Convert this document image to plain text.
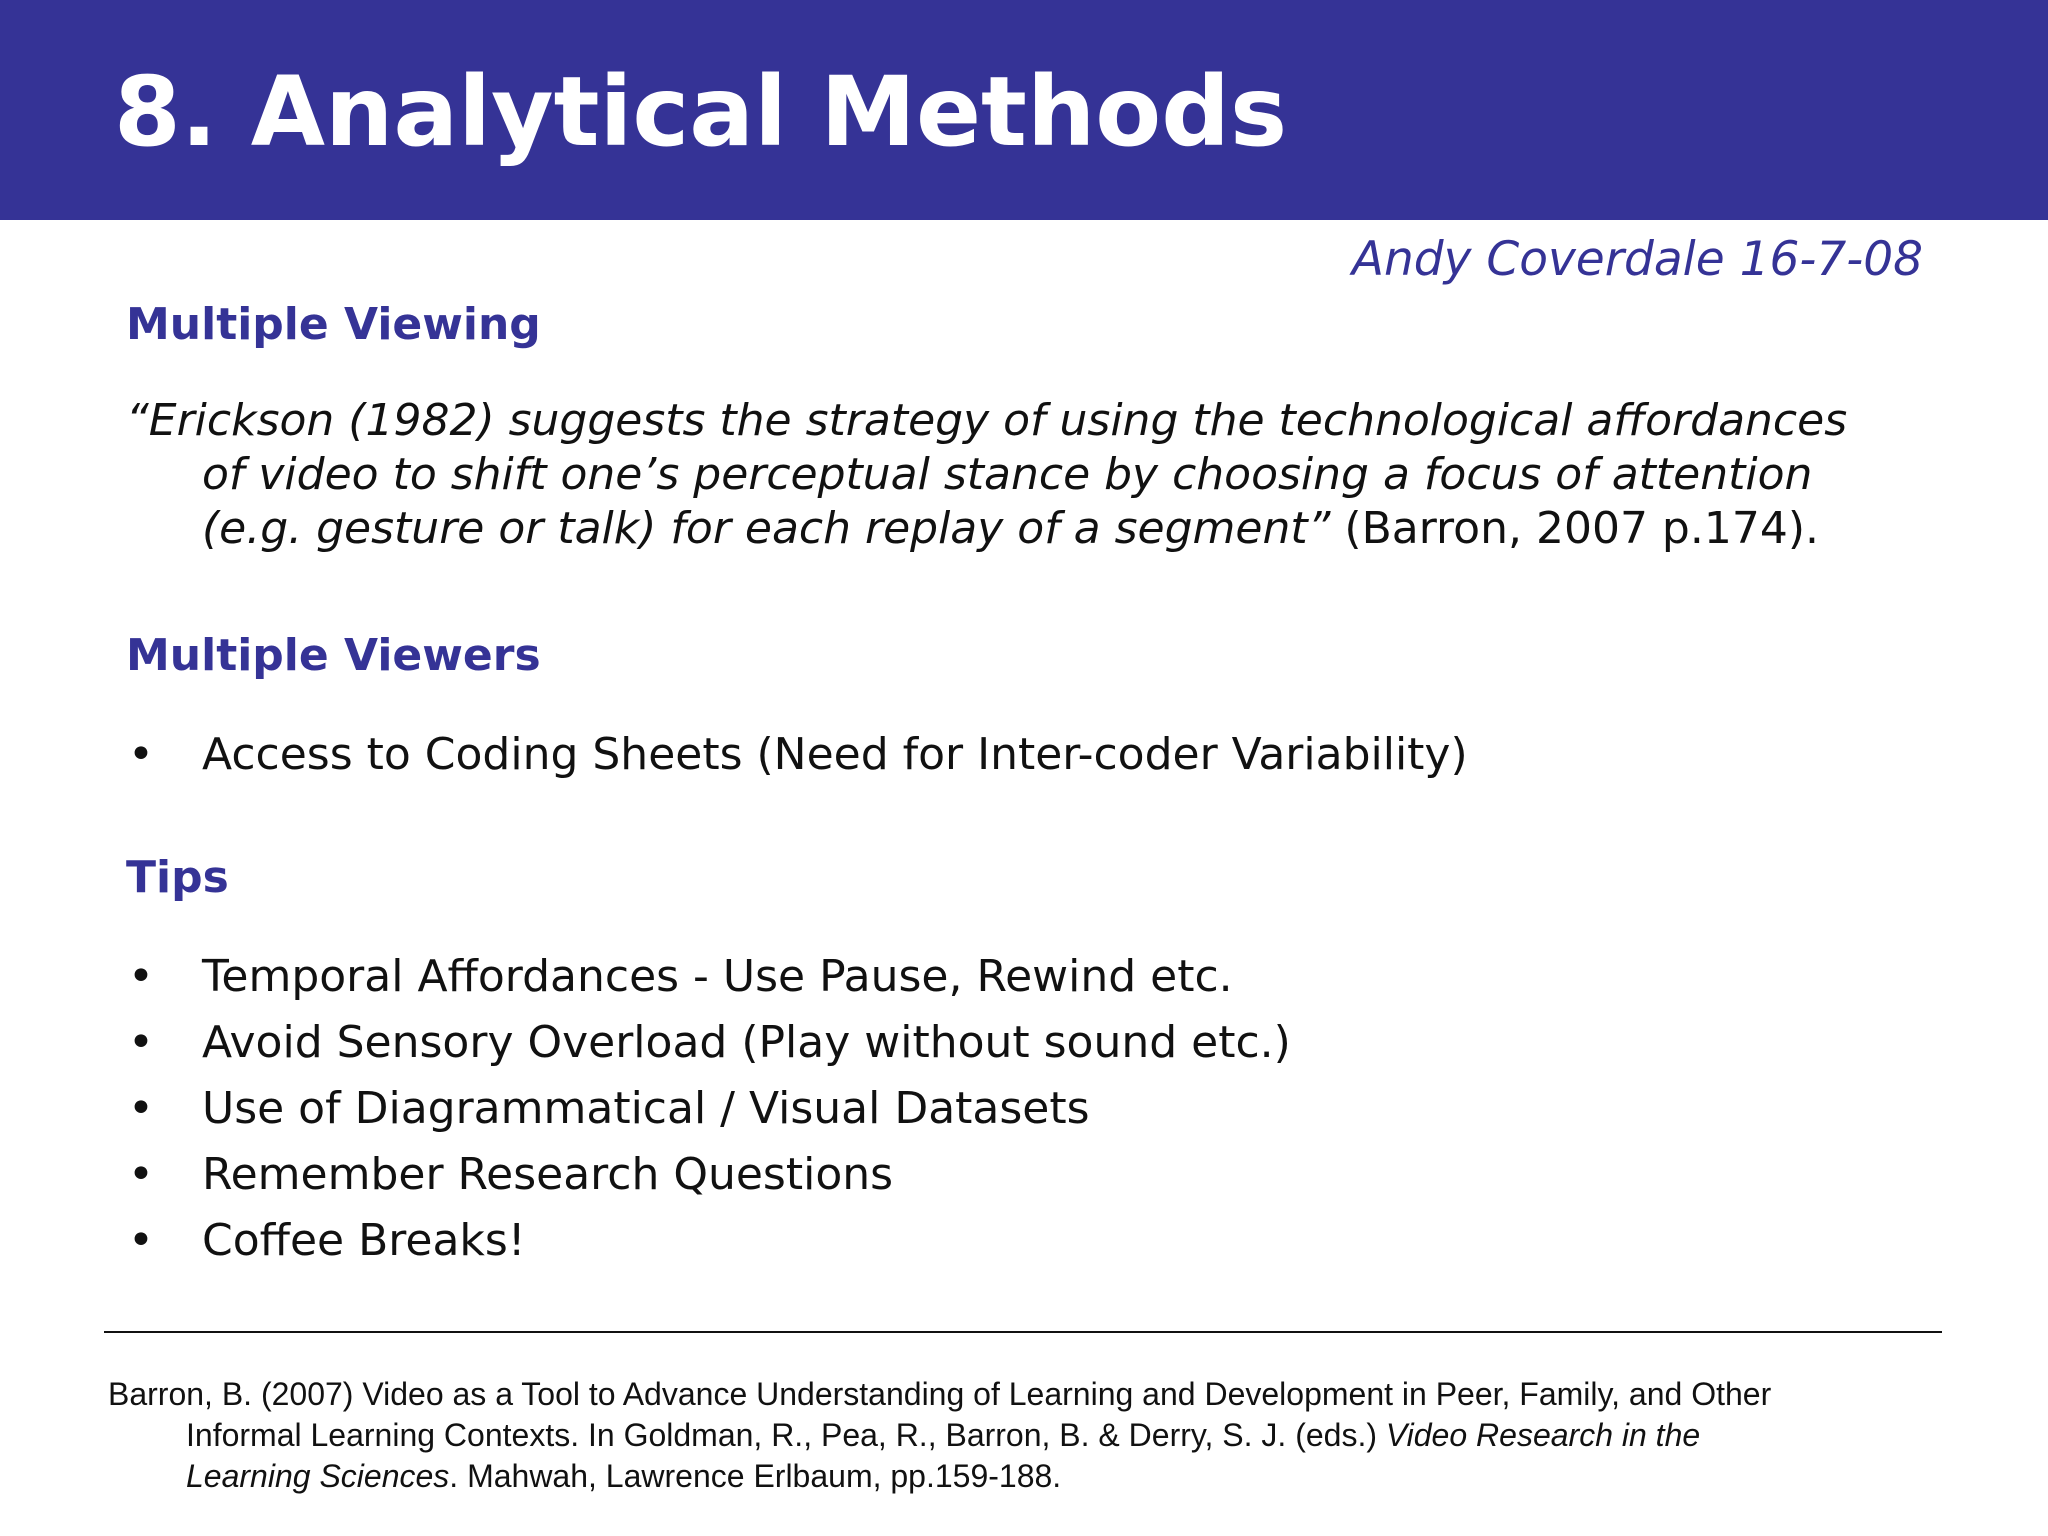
8. Analytical Methods
Andy Coverdale 16-7-08
Multiple Viewing
“Erickson (1982) suggests the strategy of using the technological affordances
of video to shift one’s perceptual stance by choosing a focus of attention
(e.g. gesture or talk) for each replay of a segment” (Barron, 2007 p.174).
Multiple Viewers
• Access to Coding Sheets (Need for Inter-coder Variability)
Tips
• Temporal Affordances - Use Pause, Rewind etc.
• Avoid Sensory Overload (Play without sound etc.)
• Use of Diagrammatical / Visual Datasets
• Remember Research Questions
• Coffee Breaks!
Barron, B. (2007) Video as a Tool to Advance Understanding of Learning and Development in Peer, Family, and Other
Informal Learning Contexts. In Goldman, R., Pea, R., Barron, B. & Derry, S. J. (eds.) Video Research in the
Learning Sciences. Mahwah, Lawrence Erlbaum, pp.159-188.
